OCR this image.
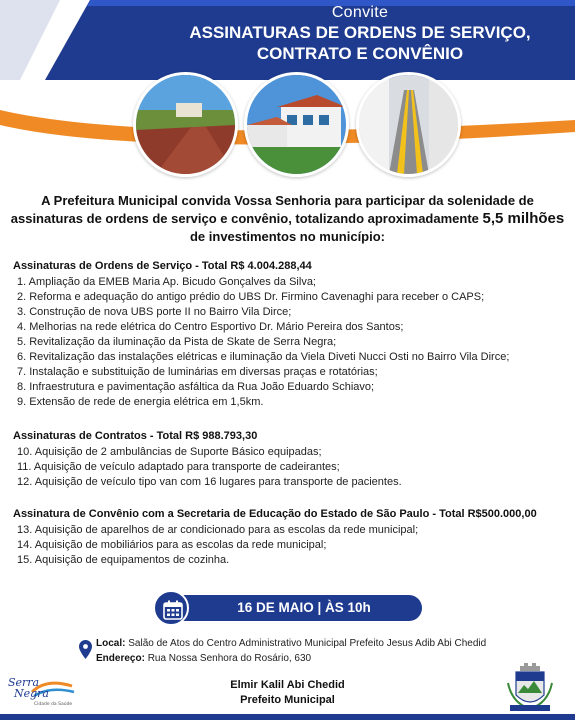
Convite
ASSINATURAS DE ORDENS DE SERVIÇO,
CONTRATO E CONVÊNIO
A Prefeitura Municipal convida Vossa Senhoria para participar da solenidade de
assinaturas de ordens de serviço e convênio, totalizando aproximadamente 5,5 milhões
de investimentos no município:
Assinaturas de Ordens de Serviço - Total R$ 4.004.288,44
1. Ampliação da EMEB Maria Ap. Bicudo Gonçalves da Silva;
2. Reforma e adequação do antigo prédio do UBS Dr. Firmino Cavenaghi para receber o CAPS;
3. Construção de nova UBS porte II no Bairro Vila Dirce;
4. Melhorias na rede elétrica do Centro Esportivo Dr. Mário Pereira dos Santos;
5. Revitalização da iluminação da Pista de Skate de Serra Negra;
6. Revitalização das instalações elétricas e iluminação da Viela Diveti Nucci Osti no Bairro Vila Dirce;
7. Instalação e substituição de luminárias em diversas praças e rotatórias;
8. Infraestrutura e pavimentação asfáltica da Rua João Eduardo Schiavo;
9. Extensão de rede de energia elétrica em 1,5km.
Assinaturas de Contratos - Total R$ 988.793,30
10. Aquisição de 2 ambulâncias de Suporte Básico equipadas;
11. Aquisição de veículo adaptado para transporte de cadeirantes;
12. Aquisição de veículo tipo van com 16 lugares para transporte de pacientes.
Assinatura de Convênio com a Secretaria de Educação do Estado de São Paulo - Total R$500.000,00
13. Aquisição de aparelhos de ar condicionado para as escolas da rede municipal;
14. Aquisição de mobiliários para as escolas da rede municipal;
15. Aquisição de equipamentos de cozinha.
16 DE MAIO | ÀS 10h
Local: Salão de Atos do Centro Administrativo Municipal Prefeito Jesus Adib Abi Chedid
Endereço: Rua Nossa Senhora do Rosário, 630
Elmir Kalil Abi Chedid
Prefeito Municipal
Serra
Negra
Cidade da Saúde
